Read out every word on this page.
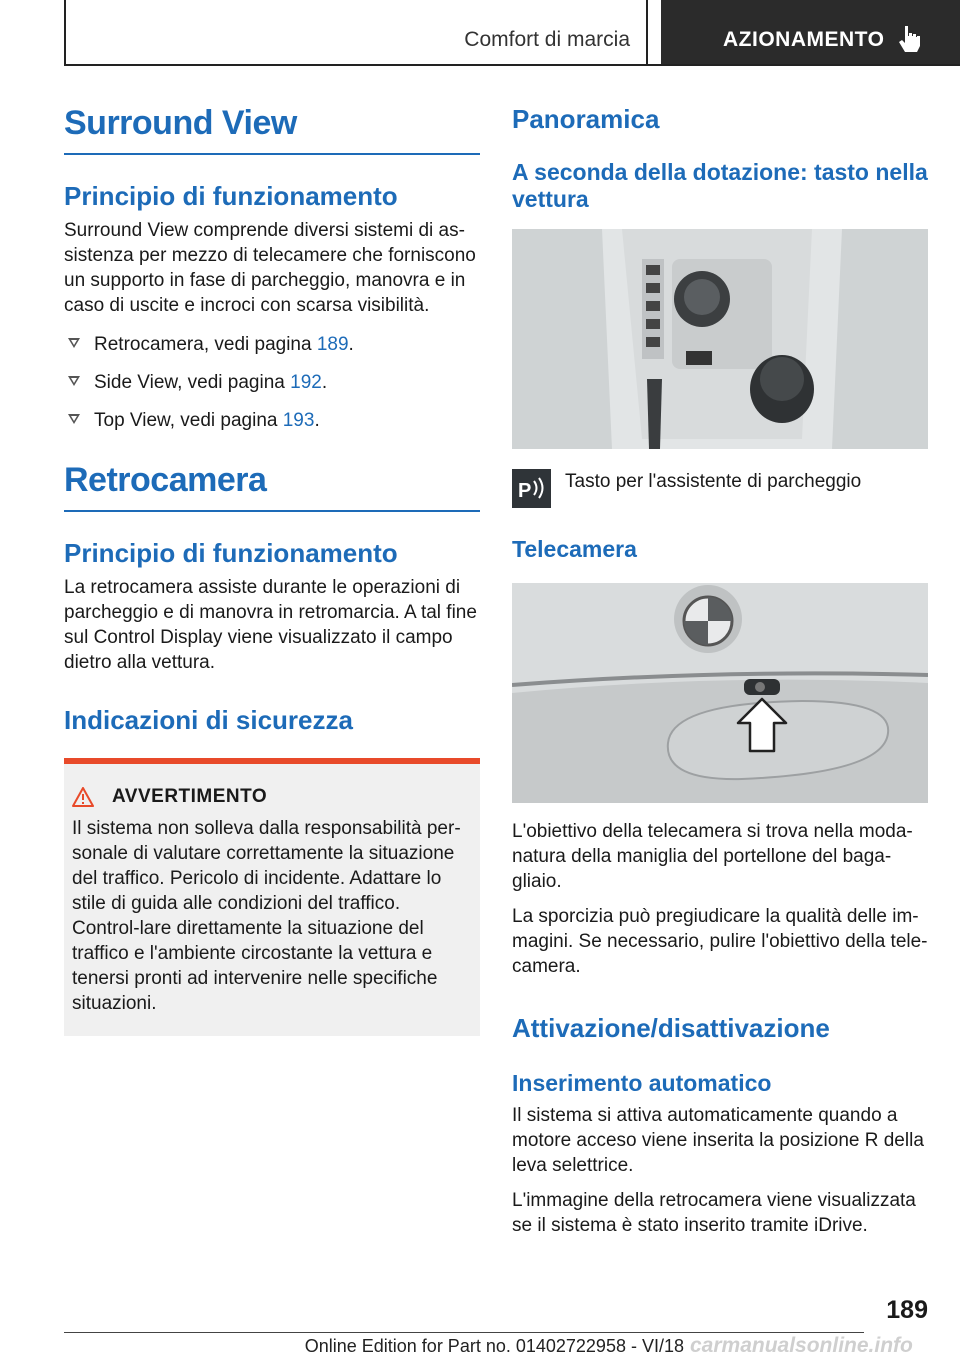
Comfort di marcia	AZIONAMENTO
Surround View
Principio di funzionamento

Surround View comprende diversi sistemi di as-sistenza per mezzo di telecamere che forniscono un supporto in fase di parcheggio, manovra e in caso di uscite e incroci con scarsa visibilità.

Retrocamera, vedi pagina 189.
Side View, vedi pagina 192.
Top View, vedi pagina 193.
Retrocamera
Principio di funzionamento

La retrocamera assiste durante le operazioni di parcheggio e di manovra in retromarcia. A tal fine sul Control Display viene visualizzato il campo dietro alla vettura.

Indicazioni di sicurezza
AVVERTIMENTO

Il sistema non solleva dalla responsabilità per-sonale di valutare correttamente la situazione del traffico. Pericolo di incidente. Adattare lo stile di guida alle condizioni del traffico. Control-lare direttamente la situazione del traffico e l'ambiente circostante la vettura e tenersi pronti ad intervenire nelle specifiche situazioni.

Panoramica
A seconda della dotazione: tasto nella vettura
P Tasto per l'assistente di parcheggio
Telecamera

L'obiettivo della telecamera si trova nella moda-natura della maniglia del portellone del baga-gliaio.

La sporcizia può pregiudicare la qualità delle im-magini. Se necessario, pulire l'obiettivo della tele-camera.

Attivazione/disattivazione
Inserimento automatico

Il sistema si attiva automaticamente quando a motore acceso viene inserita la posizione R della leva selettrice.

L'immagine della retrocamera viene visualizzata se il sistema è stato inserito tramite iDrive.

189
Online Edition for Part no. 01402722958 - VI/18 carmanualsonline.info
